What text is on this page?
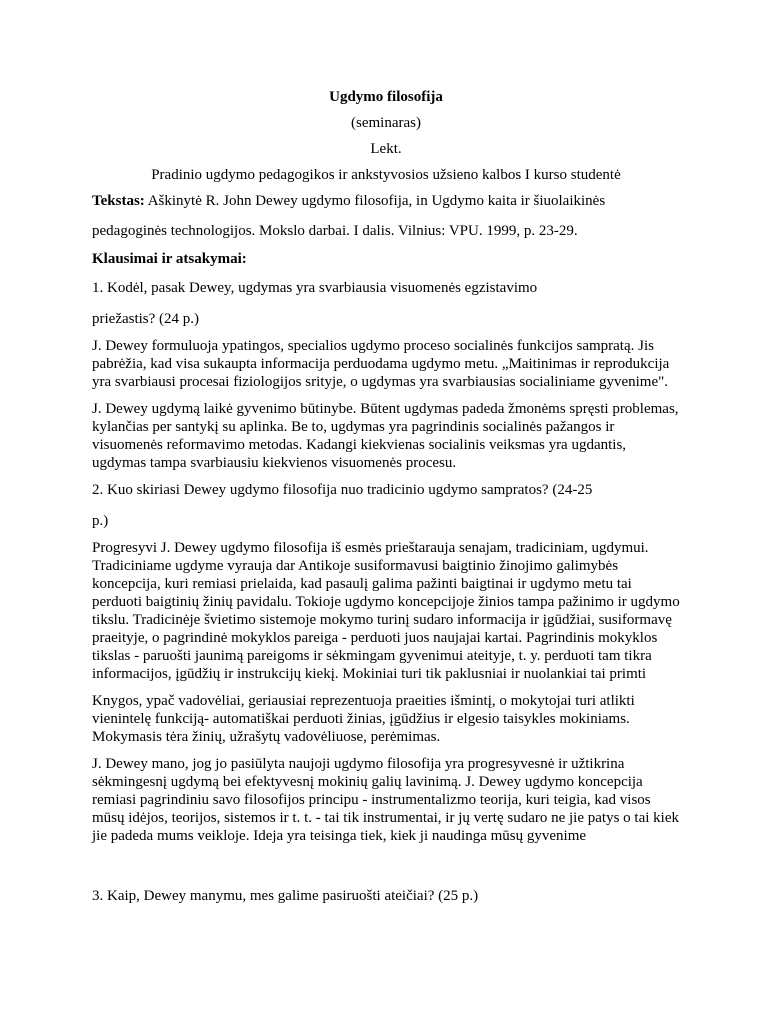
Ugdymo filosofija
(seminaras)
Lekt.
Pradinio ugdymo pedagogikos ir ankstyvosios užsieno kalbos I kurso studentė
Tekstas: Aškinytė R. John Dewey ugdymo filosofija, in Ugdymo kaita ir šiuolaikinės
pedagoginės technologijos. Mokslo darbai. I dalis. Vilnius: VPU. 1999, p. 23-29.
Klausimai ir atsakymai:
1. Kodėl, pasak Dewey, ugdymas yra svarbiausia visuomenės egzistavimo
priežastis? (24 p.)
J. Dewey formuluoja ypatingos, specialios ugdymo proceso socialinės funkcijos sampratą. Jis pabrėžia, kad visa sukaupta informacija perduodama ugdymo metu. „Maitinimas ir reprodukcija yra svarbiausi procesai fiziologijos srityje, o ugdymas yra svarbiausias socialiniame gyvenime".
J. Dewey ugdymą laikė gyvenimo būtinybe. Būtent ugdymas padeda žmonėms spręsti problemas, kylančias per santykį su aplinka. Be to, ugdymas yra pagrindinis socialinės pažangos ir visuomenės reformavimo metodas. Kadangi kiekvienas socialinis veiksmas yra ugdantis, ugdymas tampa svarbiausiu kiekvienos visuomenės procesu.
2. Kuo skiriasi Dewey ugdymo filosofija nuo tradicinio ugdymo sampratos? (24-25
p.)
Progresyvi J. Dewey ugdymo filosofija iš esmės prieštarauja senajam, tradiciniam, ugdymui. Tradiciniame ugdyme vyrauja dar Antikoje susiformavusi baigtinio žinojimo galimybės koncepcija, kuri remiasi prielaida, kad pasaulį galima pažinti baigtinai ir ugdymo metu tai perduoti baigtinių žinių pavidalu. Tokioje ugdymo koncepcijoje žinios tampa pažinimo ir ugdymo tikslu. Tradicinėje švietimo sistemoje mokymo turinį sudaro informacija ir įgūdžiai, susiformavę praeityje, o pagrindinė mokyklos pareiga - perduoti juos naujajai kartai. Pagrindinis mokyklos tikslas - paruošti jaunimą pareigoms ir sėkmingam gyvenimui ateityje, t. y. perduoti tam tikra informacijos, įgūdžių ir instrukcijų kiekį. Mokiniai turi tik paklusniai ir nuolankiai tai primti
Knygos, ypač vadovėliai, geriausiai reprezentuoja praeities išmintį, o mokytojai turi atlikti vienintelę funkciją- automatiškai perduoti žinias, įgūdžius ir elgesio taisykles mokiniams. Mokymasis tėra žinių, užrašytų vadovėliuose, perėmimas.
J. Dewey mano, jog jo pasiūlyta naujoji ugdymo filosofija yra progresyvesnė ir užtikrina sėkmingesnį ugdymą bei efektyvesnį mokinių galių lavinimą. J. Dewey ugdymo koncepcija remiasi pagrindiniu savo filosofijos principu - instrumentalizmo teorija, kuri teigia, kad visos mūsų idėjos, teorijos, sistemos ir t. t. - tai tik instrumentai, ir jų vertę sudaro ne jie patys o tai kiek jie padeda mums veikloje. Ideja yra teisinga tiek, kiek ji naudinga mūsų gyvenime
3. Kaip, Dewey manymu, mes galime pasiruošti ateičiai? (25 p.)
